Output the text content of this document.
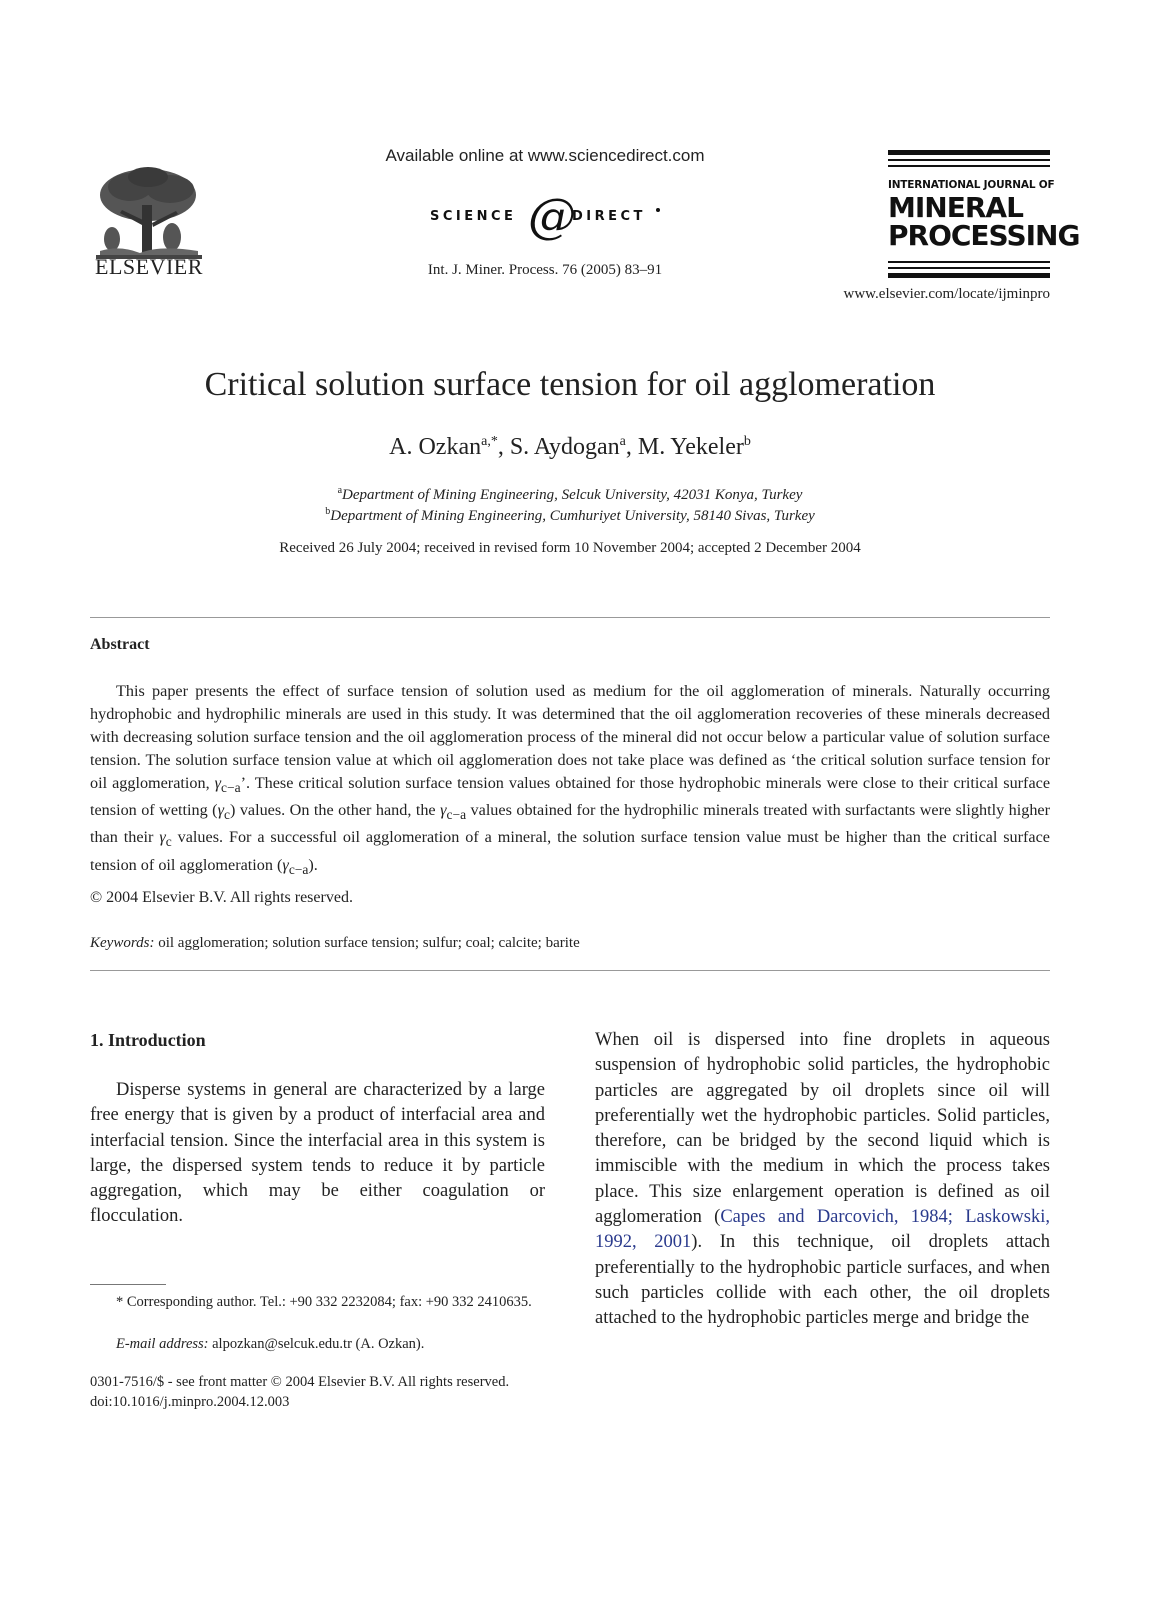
ELSEVIER
Available online at www.sciencedirect.com
SCIENCE @
DIRECT
Int. J. Miner. Process. 76 (2005) 83–91
INTERNATIONAL JOURNAL OF
MINERAL
PROCESSING
www.elsevier.com/locate/ijminpro
Critical solution surface tension for oil agglomeration
A. Ozkan$^{a,*}$, S. Aydogan$^a$, M. Yekeler$^b$
$^a$Department of Mining Engineering, Selcuk University, 42031 Konya, Turkey
$^b$Department of Mining Engineering, Cumhuriyet University, 58140 Sivas, Turkey
Received 26 July 2004; received in revised form 10 November 2004; accepted 2 December 2004
Abstract
This paper presents the effect of surface tension of solution used as medium for the oil agglomeration of minerals. Naturally occurring hydrophobic and hydrophilic minerals are used in this study. It was determined that the oil agglomeration recoveries of these minerals decreased with decreasing solution surface tension and the oil agglomeration process of the mineral did not occur below a particular value of solution surface tension. The solution surface tension value at which oil agglomeration does not take place was defined as ‘the critical solution surface tension for oil agglomeration, $\gamma_{c-a}$’. These critical solution surface tension values obtained for those hydrophobic minerals were close to their critical surface tension of wetting $(\gamma_c)$ values. On the other hand, the $\gamma_{c-a}$ values obtained for the hydrophilic minerals treated with surfactants were slightly higher than their $\gamma_c$ values. For a successful oil agglomeration of a mineral, the solution surface tension value must be higher than the critical surface tension of oil agglomeration $(\gamma_{c-a})$.
© 2004 Elsevier B.V. All rights reserved.
Keywords: oil agglomeration; solution surface tension; sulfur; coal; calcite; barite
1. Introduction
Disperse systems in general are characterized by a large free energy that is given by a product of interfacial area and interfacial tension. Since the interfacial area in this system is large, the dispersed system tends to reduce it by particle aggregation, which may be either coagulation or flocculation.
When oil is dispersed into fine droplets in aqueous suspension of hydrophobic solid particles, the hydrophobic particles are aggregated by oil droplets since oil will preferentially wet the hydrophobic particles. Solid particles, therefore, can be bridged by the second liquid which is immiscible with the medium in which the process takes place. This size enlargement operation is defined as oil agglomeration (Capes and Darcovich, 1984; Laskowski, 1992, 2001). In this technique, oil droplets attach preferentially to the hydrophobic particle surfaces, and when such particles collide with each other, the oil droplets attached to the hydrophobic particles merge and bridge the
* Corresponding author. Tel.: +90 332 2232084; fax: +90 332 2410635.
E-mail address: alpozkan@selcuk.edu.tr (A. Ozkan).
0301-7516/$ - see front matter © 2004 Elsevier B.V. All rights reserved.
doi:10.1016/j.minpro.2004.12.003
